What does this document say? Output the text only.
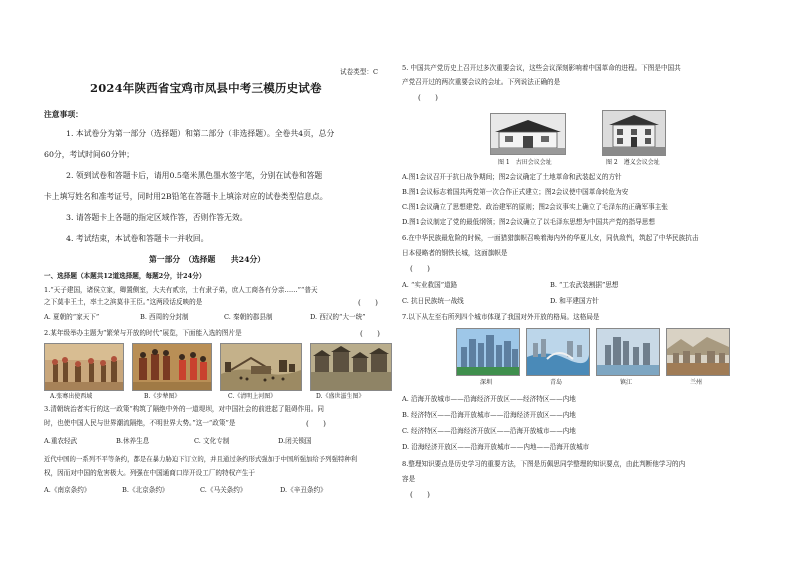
2024年陕西省宝鸡市凤县中考三模历史试卷
注意事项：
1. 本试卷分为第一部分（选择题）和第二部分（非选择题）。全卷共4页，总分
60分，考试时间60分钟；
2. 领到试卷和答题卡后，请用0.5毫米黑色墨水签字笔，分别在试卷和答题
卡上填写姓名和准考证号，同时用2B铅笔在答题卡上填涂对应的试卷类型信息点。
3. 请答题卡上各题的指定区域作答，否则作答无效。
4. 考试结束，本试卷和答题卡一并收回。
第一部分　（选择题　　共24分）
一、选择题（本题共12道选择题，每题2分，计24分）
1.“天子建国，诸侯立家，卿置侧室，大夫有贰宗，士有隶子弟，庶人工商各有分亲……”“普天
之下莫非王土，率土之滨莫非王臣。”这两段话反映的是	(　　)
A. 夏朝的“家天下”	B. 西周的分封制	C. 秦朝的郡县制	D. 西汉的“大一统”
2.某年级举办主题为“繁荣与开放的时代”展览，下面能入选的图片是	(　　)
A.张骞出使西域	B.《步辇图》	C.《清明上河图》	D.《盛世滋生图》
3.清朝统治者实行的这一政策“构筑了隔绝中外的一道堤坝，对中国社会的前进起了阻碍作用。同
时，也使中国人民与世界潮流隔绝，不明世界大势。”这一“政策”是	(　　)
A.重农轻武	B.休养生息	C. 文化专制	D.闭关锁国
近代中国的一系列不平等条约，都是在暴力胁迫下订立的，并且通过条约形式强加于中国所强加给予列强特种利
权，因而对中国的危害极大。列强在中国通商口岸开设工厂的特权产生于
A.《南京条约》	B.《北京条约》	C.《马关条约》	D.《辛丑条约》
试卷类型：C	5. 中国共产党历史上召开过多次重要会议，这些会议深刻影响着中国革命的进程。下图是中国共
产党召开过的两次重要会议的会址。下列说法正确的是
(　　)
图 1　古田会议会址	图 2　遵义会议会址
A.图1会议召开于抗日战争期间；图2会议确定了土地革命和武装起义的方针
B.图1会议标志着国共两党第一次合作正式建立；图2会议使中国革命转危为安
C.图1会议确立了思想建党、政治建军的原则；图2会议事实上确立了毛泽东的正确军事主张
D.图1会议制定了党的最低纲领；图2会议确立了以毛泽东思想为中国共产党的指导思想
6.在中华民族最危险的时候，一面猎猎旗帜召唤着海内外的华夏儿女，同仇敌忾，筑起了中华民族抗击
日本侵略者的钢铁长城，这面旗帜是
(　　)
A. “实业救国”道路	B. “工农武装割据”思想
C. 抗日民族统一战线	D. 和平建国方针
7.以下从左至右所列四个城市体现了我国对外开放的格局。这格局是
深圳	青岛	镇江	兰州
A. 沿海开放城市——沿海经济开放区——经济特区——内地
B. 经济特区——沿海开放城市——沿海经济开放区——内地
C. 经济特区——沿海经济开放区——沿海开放城市——内地
D. 沿海经济开放区——沿海开放城市——内地——沿海开放城市
8.整理知识要点是历史学习的重要方法，下图是历佩思同学整理的知识要点，由此判断他学习的内
容是
(　　)
